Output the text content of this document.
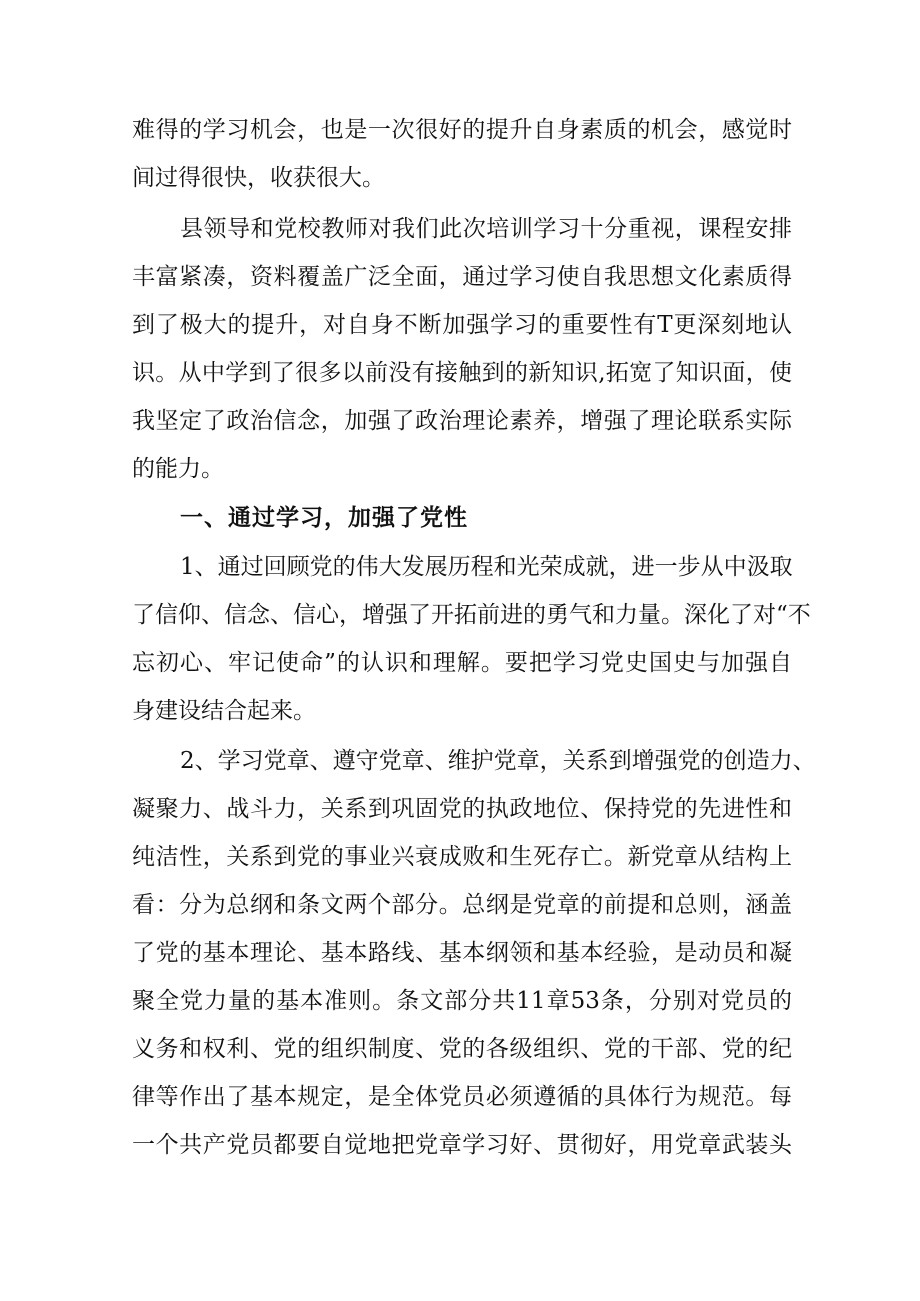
难得的学习机会，也是一次很好的提升自身素质的机会，感觉时
间过得很快，收获很大。
县领导和党校教师对我们此次培训学习十分重视，课程安排
丰富紧凑，资料覆盖广泛全面，通过学习使自我思想文化素质得
到了极大的提升，对自身不断加强学习的重要性有T更深刻地认
识。从中学到了很多以前没有接触到的新知识,拓宽了知识面，使
我坚定了政治信念，加强了政治理论素养，增强了理论联系实际
的能力。
一、通过学习，加强了党性
1、通过回顾党的伟大发展历程和光荣成就，进一步从中汲取
了信仰、信念、信心，增强了开拓前进的勇气和力量。深化了对“不
忘初心、牢记使命”的认识和理解。要把学习党史国史与加强自
身建设结合起来。
2、学习党章、遵守党章、维护党章，关系到增强党的创造力、
凝聚力、战斗力，关系到巩固党的执政地位、保持党的先进性和
纯洁性，关系到党的事业兴衰成败和生死存亡。新党章从结构上
看：分为总纲和条文两个部分。总纲是党章的前提和总则，涵盖
了党的基本理论、基本路线、基本纲领和基本经验，是动员和凝
聚全党力量的基本准则。条文部分共11章53条，分别对党员的
义务和权利、党的组织制度、党的各级组织、党的干部、党的纪
律等作出了基本规定，是全体党员必须遵循的具体行为规范。每
一个共产党员都要自觉地把党章学习好、贯彻好，用党章武装头
